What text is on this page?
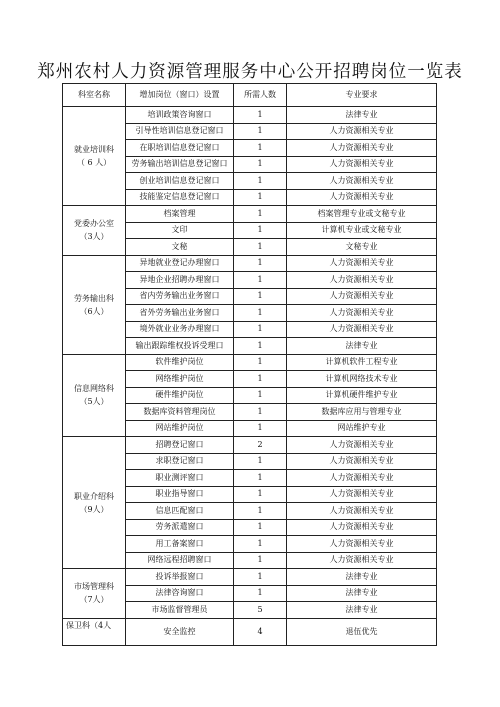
郑州农村人力资源管理服务中心公开招聘岗位一览表
科室名称	增加岗位（窗口）设置	所需人数	专业要求

就业培训科
（ 6 人）	培训政策咨询窗口	1	法律专业
	引导性培训信息登记窗口	1	人力资源相关专业
	在职培训信息登记窗口	1	人力资源相关专业
	劳务输出培训信息登记窗口	1	人力资源相关专业
	创业培训信息登记窗口	1	人力资源相关专业
	技能鉴定信息登记窗口	1	人力资源相关专业

党委办公室
（3人）	档案管理	1	档案管理专业或文秘专业
	文印	1	计算机专业或文秘专业
	文秘	1	文秘专业

劳务输出科
（6人）	异地就业登记办理窗口	1	人力资源相关专业
	异地企业招聘办理窗口	1	人力资源相关专业
	省内劳务输出业务窗口	1	人力资源相关专业
	省外劳务输出业务窗口	1	人力资源相关专业
	境外就业业务办理窗口	1	人力资源相关专业
	输出跟踪维权投诉受理口	1	法律专业

信息网络科
（5人）	软件维护岗位	1	计算机软件工程专业
	网络维护岗位	1	计算机网络技术专业
	硬件维护岗位	1	计算机硬件维护专业
	数据库资料管理岗位	1	数据库应用与管理专业
	网站维护岗位	1	网站维护专业

职业介绍科
（9人）	招聘登记窗口	2	人力资源相关专业
	求职登记窗口	1	人力资源相关专业
	职业测评窗口	1	人力资源相关专业
	职业指导窗口	1	人力资源相关专业
	信息匹配窗口	1	人力资源相关专业
	劳务派遣窗口	1	人力资源相关专业
	用工备案窗口	1	人力资源相关专业
	网络远程招聘窗口	1	人力资源相关专业

市场管理科
（7人）	投诉举报窗口	1	法律专业
	法律咨询窗口	1	法律专业
	市场监督管理员	5	法律专业

保卫科（4人	安全监控	4	退伍优先
